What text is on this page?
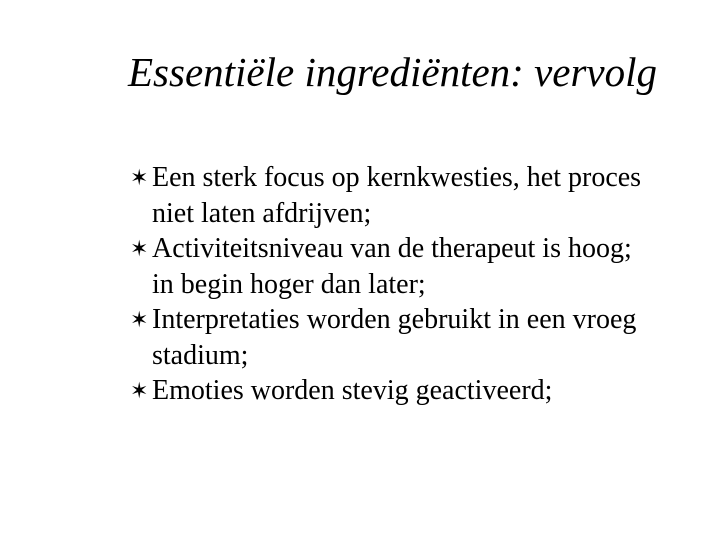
Essentiële ingrediënten: vervolg
✶ Een sterk focus op kernkwesties, het proces
niet laten afdrijven;
✶ Activiteitsniveau van de therapeut is hoog;
in begin hoger dan later;
✶ Interpretaties worden gebruikt in een vroeg
stadium;
✶ Emoties worden stevig geactiveerd;
